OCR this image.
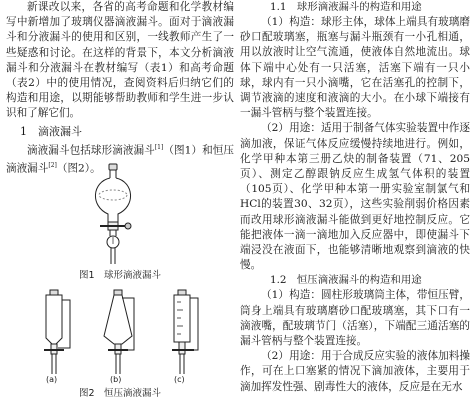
新课改以来，各省的高考命题和化学教材编写中新增加了玻璃仪器滴液漏斗。面对于滴液漏斗和分液漏斗的使用和区别，一线教师产生了一些疑惑和讨论。在这样的背景下，本文分析滴液漏斗和分液漏斗在教材编写（表1）和高考命题（表2）中的使用情况，查阅资料后归纳它们的构造和用途，以期能够帮助教师和学生进一步认识和了解它们。

1　滴液漏斗

滴液漏斗包括球形滴液漏斗[1]（图1）和恒压滴液漏斗[2]（图2）。

图1　球形滴液漏斗
(a)	(b)	(c)
图2　恒压滴液漏斗

1.1　球形滴液漏斗的构造和用途

（1）构造：球形主体，球体上端具有玻璃磨砂口配玻璃塞，瓶塞与漏斗瓶颈有一小孔相通，用以放液时让空气流通，使液体自然地流出。球体下端中心处有一只活塞，活塞下端有一只小球，球内有一只小滴嘴，它在活塞孔的控制下，调节液滴的速度和液滴的大小。在小球下端接有一漏斗管柄与整个装置连接。

（2）用途：适用于制备气体实验装置中作逐滴加液，保证气体反应缓慢持续地进行。例如，化学甲种本第三册乙炔的制备装置（71、205页）、测定乙醇跟钠反应生成氢气体积的装置（105页）、化学甲种本第一册实验室制氯气和HCl的装置30、32页），这些实验削弱价格因素而改用球形滴液漏斗能做到更好地控制反应。它能把液体一滴一滴地加入反应器中，即使漏斗下端浸没在液面下，也能够清晰地观察到滴液的快慢。

1.2　恒压滴液漏斗的构造和用途

（1）构造：圆柱形玻璃筒主体，带恒压臂，筒身上端具有玻璃磨砂口配玻璃塞，其下口有一滴液嘴，配玻璃节门（活塞），下端配三通活塞的漏斗管柄与整个装置连接。

（2）用途：用于合成反应实验的液体加料操作，可在上口塞紧的情况下滴加液体，主要用于滴加挥发性强、剧毒性大的液体，反应是在无水
